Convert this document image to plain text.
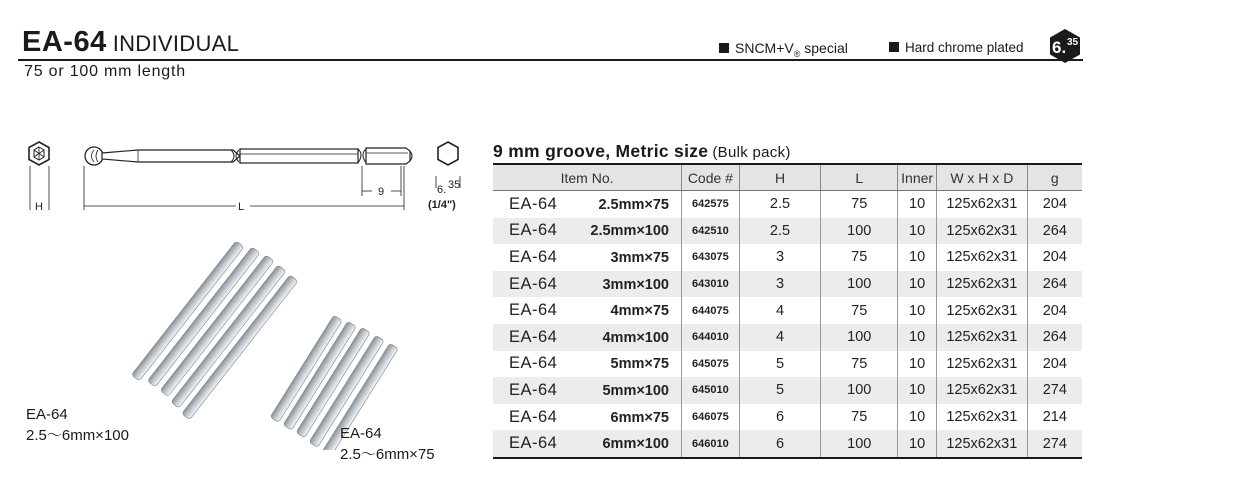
EA-64 INDIVIDUAL
75 or 100 mm length
$SNCM+V_®$ special	Hard chrome plated 6. 35
9
L
H
6. 35
(1/4")
EA-64
2.5〜6mm×100	EA-64
2.5〜6mm×75
9 mm groove, Metric size (Bulk pack)
Item No.	Code #	H	L	Inner	W x H x D	g
EA-64 2.5mm×75	642575	2.5	75	10	125x62x31	204
EA-64 2.5mm×100	642510	2.5	100	10	125x62x31	264
EA-64 3mm×75	643075	3	75	10	125x62x31	204
EA-64 3mm×100	643010	3	100	10	125x62x31	264
EA-64 4mm×75	644075	4	75	10	125x62x31	204
EA-64 4mm×100	644010	4	100	10	125x62x31	264
EA-64 5mm×75	645075	5	75	10	125x62x31	204
EA-64 5mm×100	645010	5	100	10	125x62x31	274
EA-64 6mm×75	646075	6	75	10	125x62x31	214
EA-64 6mm×100	646010	6	100	10	125x62x31	274
